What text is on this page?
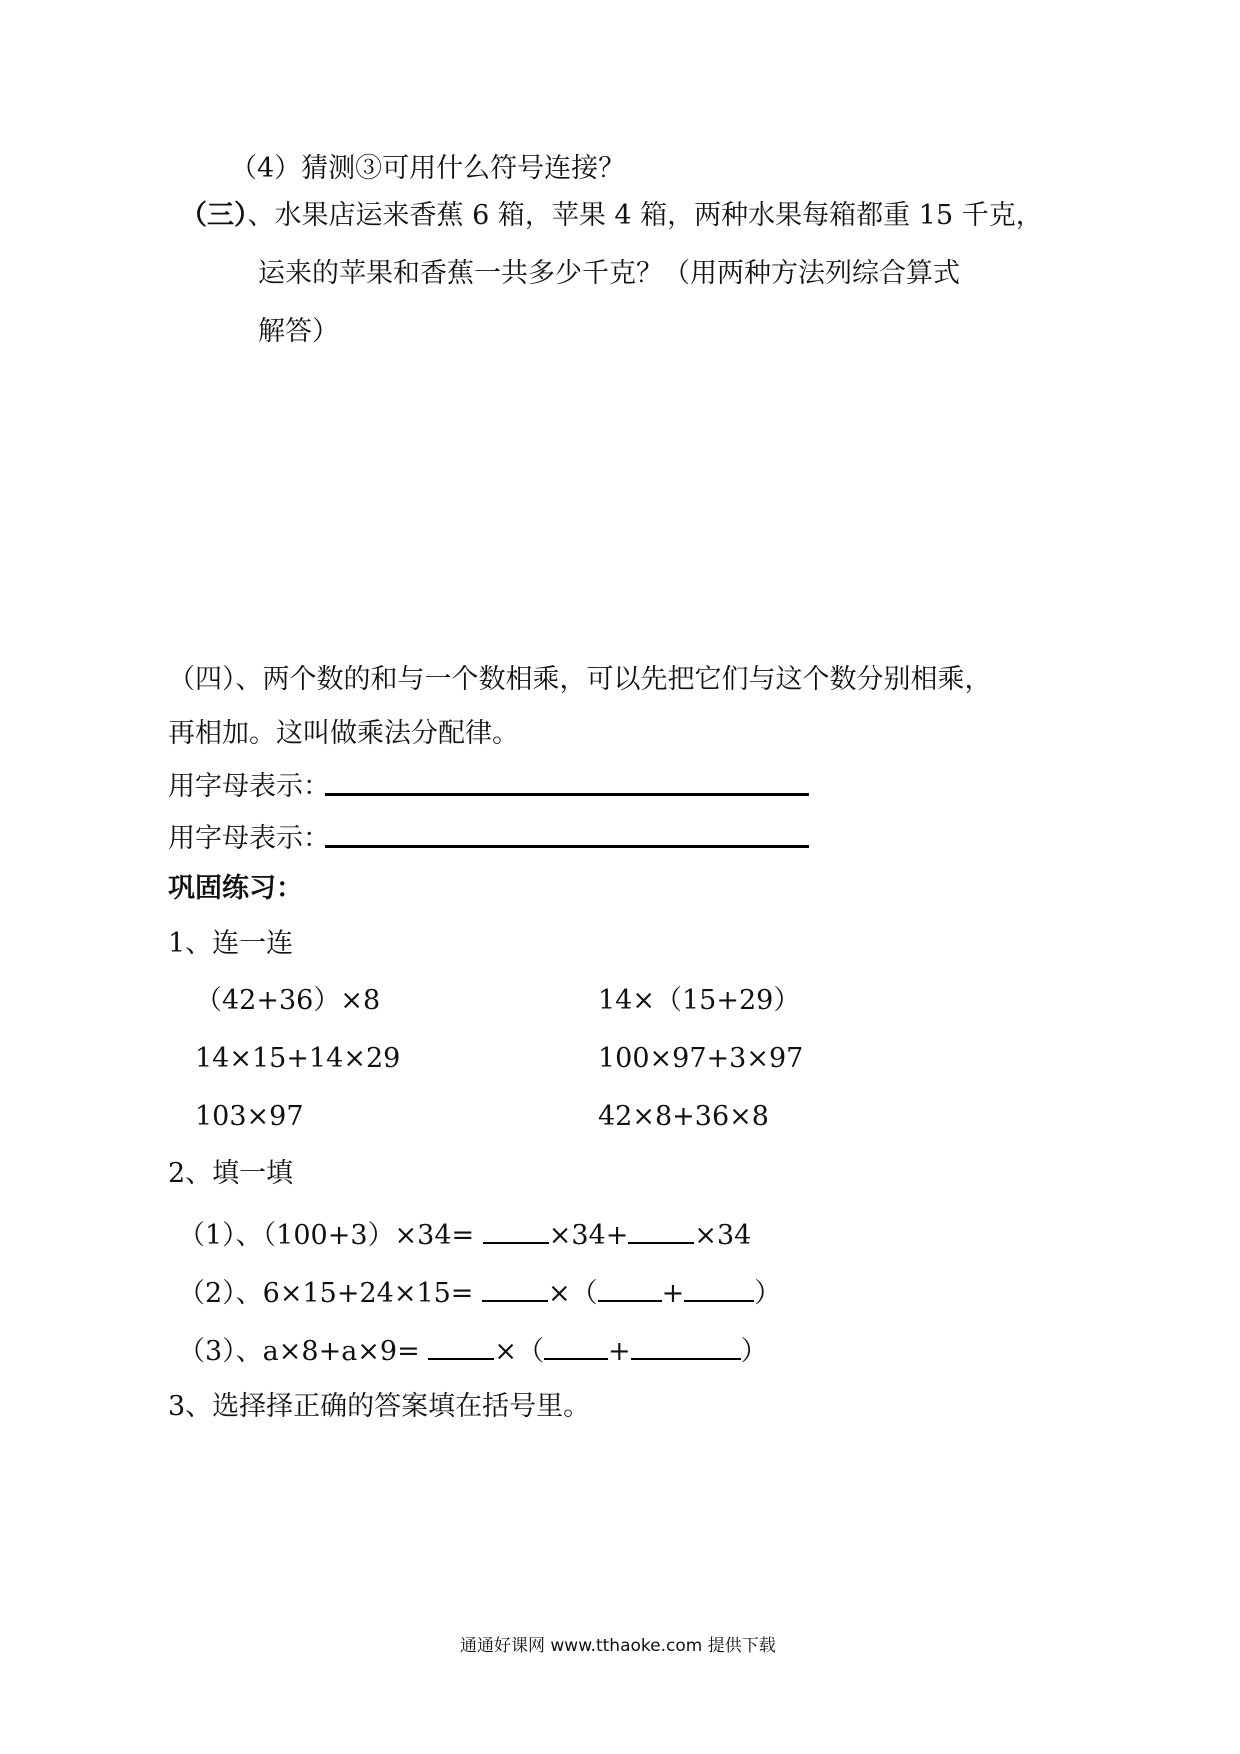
（4）猜测③可用什么符号连接？
（三）、水果店运来香蕉 6 箱，苹果 4 箱，两种水果每箱都重 15 千克，
运来的苹果和香蕉一共多少千克？（用两种方法列综合算式
解答）
（四）、两个数的和与一个数相乘，可以先把它们与这个数分别相乘，
再相加。这叫做乘法分配律。
用字母表示：
用字母表示：
巩固练习：
1、连一连
（42+36）×8	14×（15+29）
14×15+14×29	100×97+3×97
103×97	42×8+36×8
2、填一填
（1）、（100+3）×34=	×34+ ×34
（2）、6×15+24×15=	×（ +	）
（3）、a×8+a×9=	×（ +	）
3、选择择正确的答案填在括号里。
通通好课网 www.tthaoke.com 提供下载
